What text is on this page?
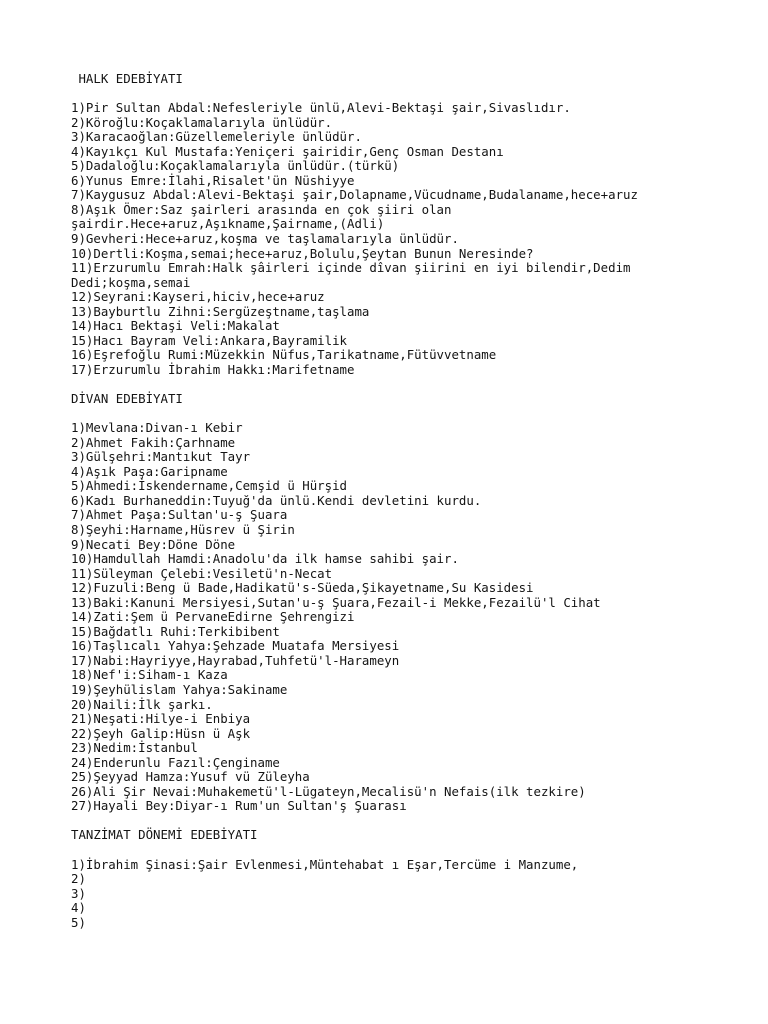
HALK EDEBİYATI
1)Pir Sultan Abdal:Nefesleriyle ünlü,Alevi-Bektaşi şair,Sivaslıdır.
2)Köroğlu:Koçaklamalarıyla ünlüdür.
3)Karacaoğlan:Güzellemeleriyle ünlüdür.
4)Kayıkçı Kul Mustafa:Yeniçeri şairidir,Genç Osman Destanı
5)Dadaloğlu:Koçaklamalarıyla ünlüdür.(türkü)
6)Yunus Emre:İlahi,Risalet'ün Nüshiyye
7)Kaygusuz Abdal:Alevi-Bektaşi şair,Dolapname,Vücudname,Budalaname,hece+aruz
8)Aşık Ömer:Saz şairleri arasında en çok şiiri olan
şairdir.Hece+aruz,Aşıkname,Şairname,(Adli)
9)Gevheri:Hece+aruz,koşma ve taşlamalarıyla ünlüdür.
10)Dertli:Koşma,semai;hece+aruz,Bolulu,Şeytan Bunun Neresinde?
11)Erzurumlu Emrah:Halk şâirleri içinde dîvan şiirini en iyi bilendir,Dedim
Dedi;koşma,semai
12)Seyrani:Kayseri,hiciv,hece+aruz
13)Bayburtlu Zihni:Sergüzeştname,taşlama
14)Hacı Bektaşi Veli:Makalat
15)Hacı Bayram Veli:Ankara,Bayramilik
16)Eşrefoğlu Rumi:Müzekkin Nüfus,Tarikatname,Fütüvvetname
17)Erzurumlu İbrahim Hakkı:Marifetname
DİVAN EDEBİYATI
1)Mevlana:Divan-ı Kebir
2)Ahmet Fakih:Çarhname
3)Gülşehri:Mantıkut Tayr
4)Aşık Paşa:Garipname
5)Ahmedi:İskendername,Cemşid ü Hürşid
6)Kadı Burhaneddin:Tuyuğ'da ünlü.Kendi devletini kurdu.
7)Ahmet Paşa:Sultan'u-ş Şuara
8)Şeyhi:Harname,Hüsrev ü Şirin
9)Necati Bey:Döne Döne
10)Hamdullah Hamdi:Anadolu'da ilk hamse sahibi şair.
11)Süleyman Çelebi:Vesiletü'n-Necat
12)Fuzuli:Beng ü Bade,Hadikatü's-Süeda,Şikayetname,Su Kasidesi
13)Baki:Kanuni Mersiyesi,Sutan'u-ş Şuara,Fezail-i Mekke,Fezailü'l Cihat
14)Zati:Şem ü PervaneEdirne Şehrengizi
15)Bağdatlı Ruhi:Terkibibent
16)Taşlıcalı Yahya:Şehzade Muatafa Mersiyesi
17)Nabi:Hayriyye,Hayrabad,Tuhfetü'l-Harameyn
18)Nef'i:Siham-ı Kaza
19)Şeyhülislam Yahya:Sakiname
20)Naili:İlk şarkı.
21)Neşati:Hilye-i Enbiya
22)Şeyh Galip:Hüsn ü Aşk
23)Nedim:İstanbul
24)Enderunlu Fazıl:Çenginame
25)Şeyyad Hamza:Yusuf vü Züleyha
26)Ali Şir Nevai:Muhakemetü'l-Lügateyn,Mecalisü'n Nefais(ilk tezkire)
27)Hayali Bey:Diyar-ı Rum'un Sultan'ş Şuarası
TANZİMAT DÖNEMİ EDEBİYATI
1)İbrahim Şinasi:Şair Evlenmesi,Müntehabat ı Eşar,Tercüme i Manzume,
2)
3)
4)
5)
